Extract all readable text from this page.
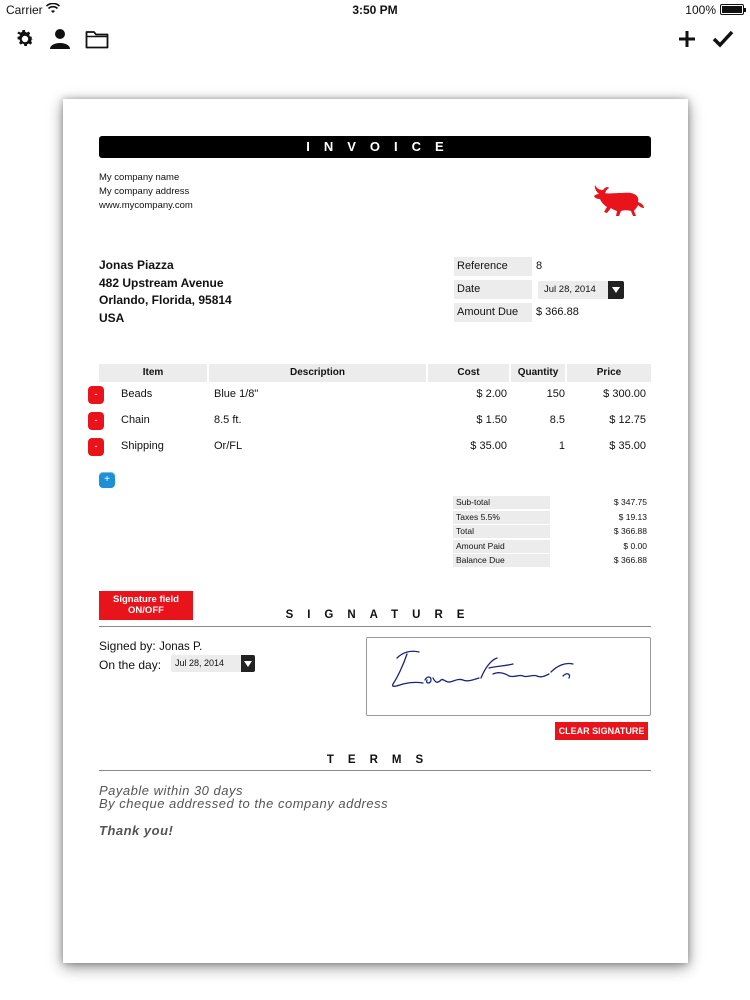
Carrier	3:50 PM	100%
INVOICE
My company name
My company address
www.mycompany.com
Jonas Piazza
482 Upstream Avenue
Orlando, Florida, 95814
USA
Reference	8
Date	Jul 28, 2014
Amount Due	$ 366.88
Item	Description	Cost	Quantity	Price
-	Beads	Blue 1/8"	$ 2.00	150	$ 300.00
-	Chain	8.5 ft.	$ 1.50	8.5	$ 12.75
-	Shipping	Or/FL	$ 35.00	1	$ 35.00
+
Sub-total	$ 347.75
Taxes 5.5%	$ 19.13
Total	$ 366.88
Amount Paid	$ 0.00
Balance Due	$ 366.88
Signature field
ON/OFF	SIGNATURE
Signed by: Jonas P.
On the day:	Jul 28, 2014
CLEAR SIGNATURE
TERMS
Payable within 30 days
By cheque addressed to the company address
Thank you!
